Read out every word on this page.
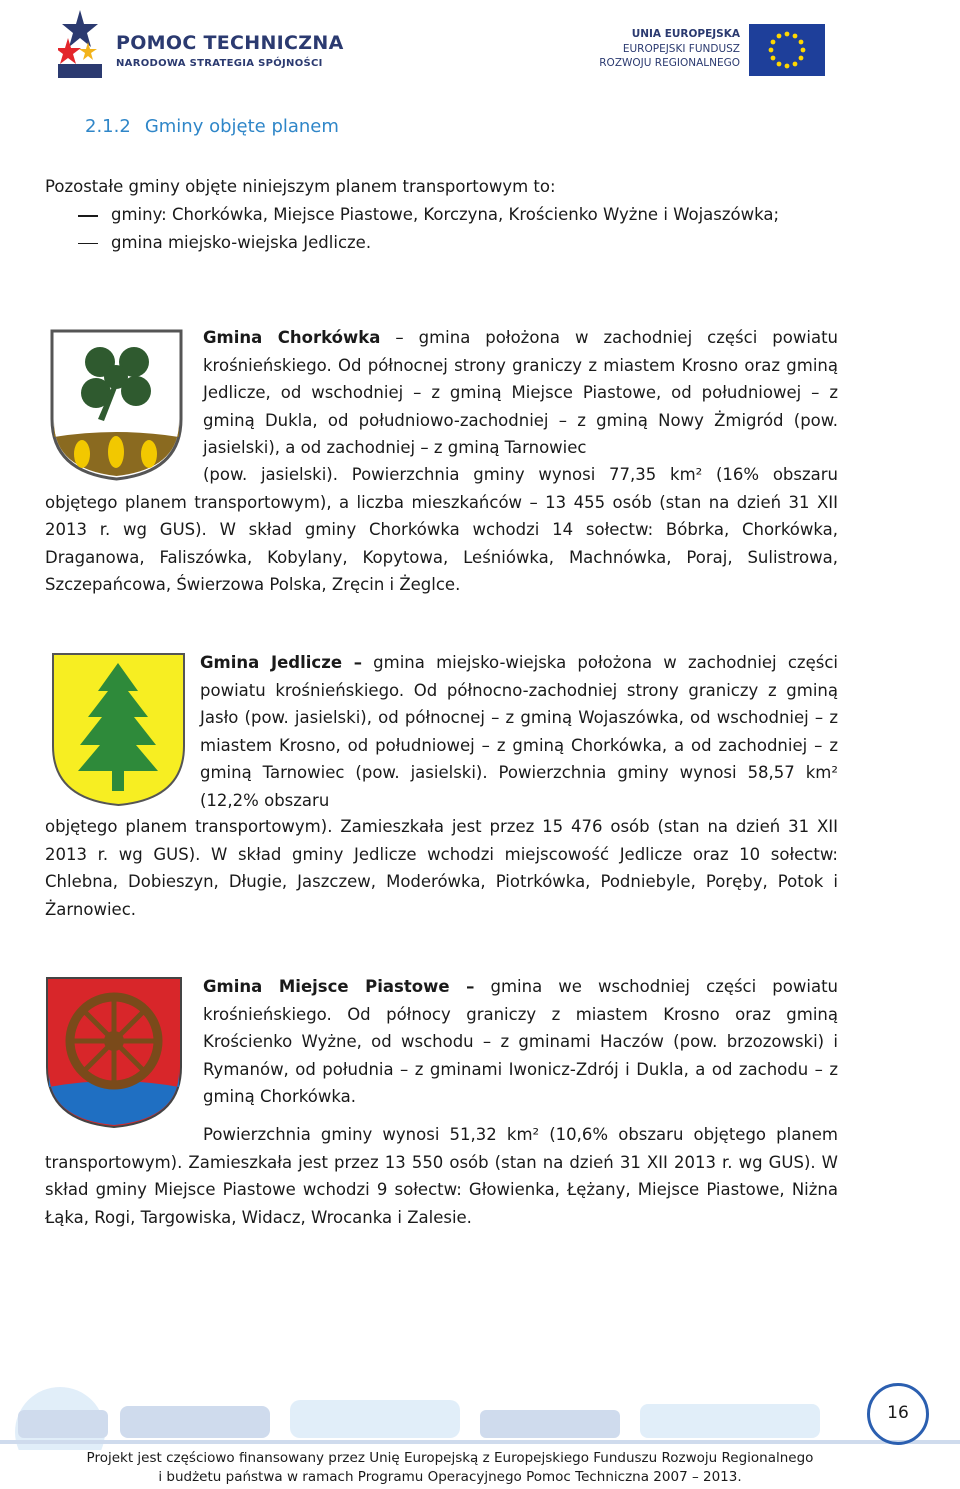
POMOC TECHNICZNA
NARODOWA STRATEGIA SPÓJNOŚCI
UNIA EUROPEJSKA
EUROPEJSKI FUNDUSZ
ROZWOJU REGIONALNEGO
2.1.2 Gminy objęte planem

Pozostałe gminy objęte niniejszym planem transportowym to:

gminy: Chorkówka, Miejsce Piastowe, Korczyna, Krościenko Wyżne i Wojaszówka;
gmina miejsko-wiejska Jedlicze.

Gmina Chorkówka – gmina położona w zachodniej części powiatu krośnieńskiego. Od północnej strony graniczy z miastem Krosno oraz gminą Jedlicze, od wschodniej – z gminą Miejsce Piastowe, od południowej – z gminą Dukla, od południowo-zachodniej – z gminą Nowy Żmigród (pow. jasielski), a od zachodniej – z gminą Tarnowiec

(pow. jasielski). Powierzchnia gminy wynosi 77,35 km² (16% obszaru objętego planem transportowym), a liczba mieszkańców – 13 455 osób (stan na dzień 31 XII 2013 r. wg GUS). W skład gminy Chorkówka wchodzi 14 sołectw: Bóbrka, Chorkówka, Draganowa, Faliszówka, Kobylany, Kopytowa, Leśniówka, Machnówka, Poraj, Sulistrowa, Szczepańcowa, Świerzowa Polska, Zręcin i Żeglce.

Gmina Jedlicze – gmina miejsko-wiejska położona w zachodniej części powiatu krośnieńskiego. Od północno-zachodniej strony graniczy z gminą Jasło (pow. jasielski), od północnej – z gminą Wojaszówka, od wschodniej – z miastem Krosno, od południowej – z gminą Chorkówka, a od zachodniej – z gminą Tarnowiec (pow. jasielski). Powierzchnia gminy wynosi 58,57 km² (12,2% obszaru

objętego planem transportowym). Zamieszkała jest przez 15 476 osób (stan na dzień 31 XII 2013 r. wg GUS). W skład gminy Jedlicze wchodzi miejscowość Jedlicze oraz 10 sołectw: Chlebna, Dobieszyn, Długie, Jaszczew, Moderówka, Piotrkówka, Podniebyle, Poręby, Potok i Żarnowiec.

Gmina Miejsce Piastowe – gmina we wschodniej części powiatu krośnieńskiego. Od północy graniczy z miastem Krosno oraz gminą Krościenko Wyżne, od wschodu – z gminami Haczów (pow. brzozowski) i Rymanów, od południa – z gminami Iwonicz-Zdrój i Dukla, a od zachodu – z gminą Chorkówka.

Powierzchnia gminy wynosi 51,32 km² (10,6% obszaru objętego planem transportowym). Zamieszkała jest przez 13 550 osób (stan na dzień 31 XII 2013 r. wg GUS). W skład gminy Miejsce Piastowe wchodzi 9 sołectw: Głowienka, Łężany, Miejsce Piastowe, Niżna Łąka, Rogi, Targowiska, Widacz, Wrocanka i Zalesie.

16
Projekt jest częściowo finansowany przez Unię Europejską z Europejskiego Funduszu Rozwoju Regionalnego
i budżetu państwa w ramach Programu Operacyjnego Pomoc Techniczna 2007 – 2013.
